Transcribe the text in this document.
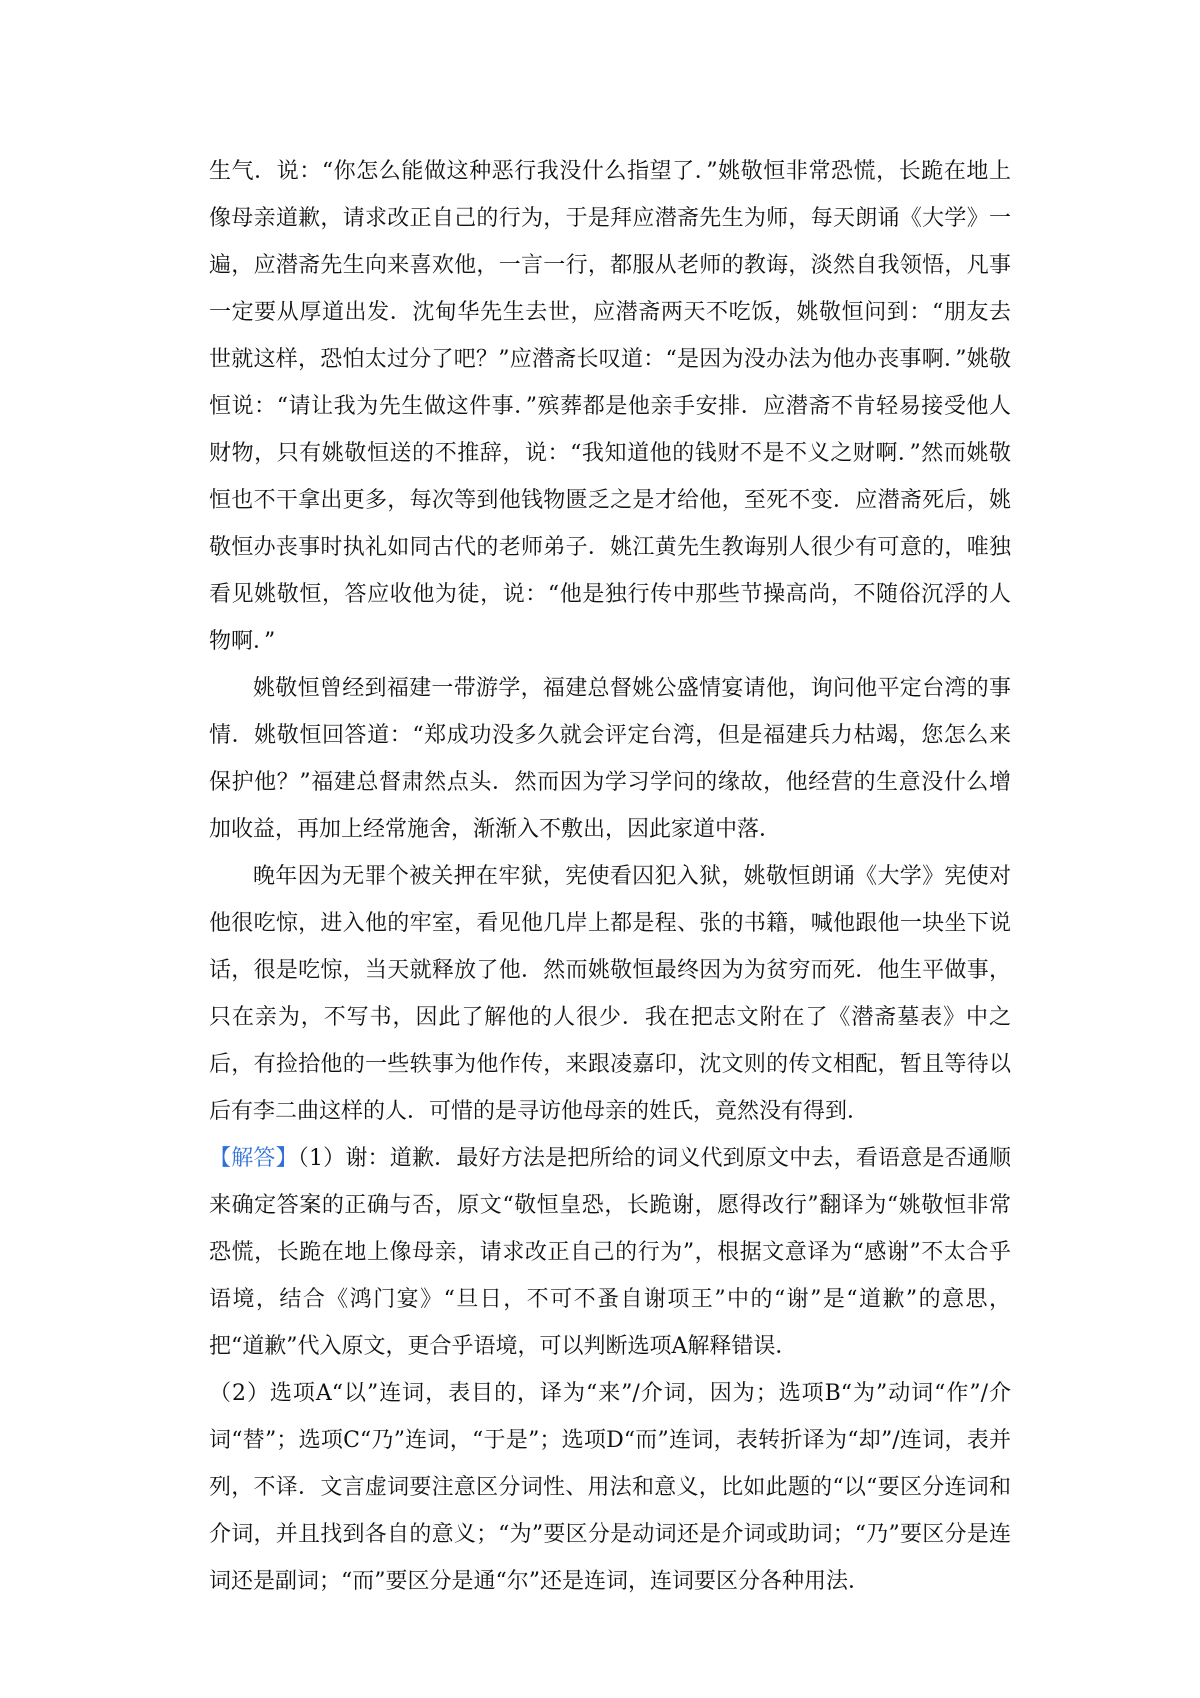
生气．说：“你怎么能做这种恶行我没什么指望了．”姚敬恒非常恐慌，长跪在地上像母亲道歉，请求改正自己的行为，于是拜应潜斋先生为师，每天朗诵《大学》一遍，应潜斋先生向来喜欢他，一言一行，都服从老师的教诲，淡然自我领悟，凡事一定要从厚道出发．沈甸华先生去世，应潜斋两天不吃饭，姚敬恒问到：“朋友去世就这样，恐怕太过分了吧？”应潜斋长叹道：“是因为没办法为他办丧事啊．”姚敬恒说：“请让我为先生做这件事．”殡葬都是他亲手安排．应潜斋不肯轻易接受他人财物，只有姚敬恒送的不推辞，说：“我知道他的钱财不是不义之财啊．”然而姚敬恒也不干拿出更多，每次等到他钱物匮乏之是才给他，至死不变．应潜斋死后，姚敬恒办丧事时执礼如同古代的老师弟子．姚江黄先生教诲别人很少有可意的，唯独看见姚敬恒，答应收他为徒，说：“他是独行传中那些节操高尚，不随俗沉浮的人物啊．”

姚敬恒曾经到福建一带游学，福建总督姚公盛情宴请他，询问他平定台湾的事情．姚敬恒回答道：“郑成功没多久就会评定台湾，但是福建兵力枯竭，您怎么来保护他？”福建总督肃然点头．然而因为学习学问的缘故，他经营的生意没什么增加收益，再加上经常施舍，渐渐入不敷出，因此家道中落．

晚年因为无罪个被关押在牢狱，宪使看囚犯入狱，姚敬恒朗诵《大学》宪使对他很吃惊，进入他的牢室，看见他几岸上都是程、张的书籍，喊他跟他一块坐下说话，很是吃惊，当天就释放了他．然而姚敬恒最终因为为贫穷而死．他生平做事，只在亲为，不写书，因此了解他的人很少．我在把志文附在了《潜斋墓表》中之后，有捡拾他的一些轶事为他作传，来跟凌嘉印，沈文则的传文相配，暂且等待以后有李二曲这样的人．可惜的是寻访他母亲的姓氏，竟然没有得到．

【解答】（1）谢：道歉．最好方法是把所给的词义代到原文中去，看语意是否通顺来确定答案的正确与否，原文“敬恒皇恐，长跪谢，愿得改行”翻译为“姚敬恒非常恐慌，长跪在地上像母亲，请求改正自己的行为”，根据文意译为“感谢”不太合乎语境，结合《鸿门宴》“旦日，不可不蚤自谢项王”中的“谢”是“道歉”的意思，把“道歉”代入原文，更合乎语境，可以判断选项A解释错误．

（2）选项A“以”连词，表目的，译为“来”/介词，因为；选项B“为”动词“作”/介词“替”；选项C“乃”连词，“于是”；选项D“而”连词，表转折译为“却”/连词，表并列，不译．文言虚词要注意区分词性、用法和意义，比如此题的“以“要区分连词和介词，并且找到各自的意义；“为”要区分是动词还是介词或助词；“乃”要区分是连词还是副词；“而”要区分是通“尔”还是连词，连词要区分各种用法．
